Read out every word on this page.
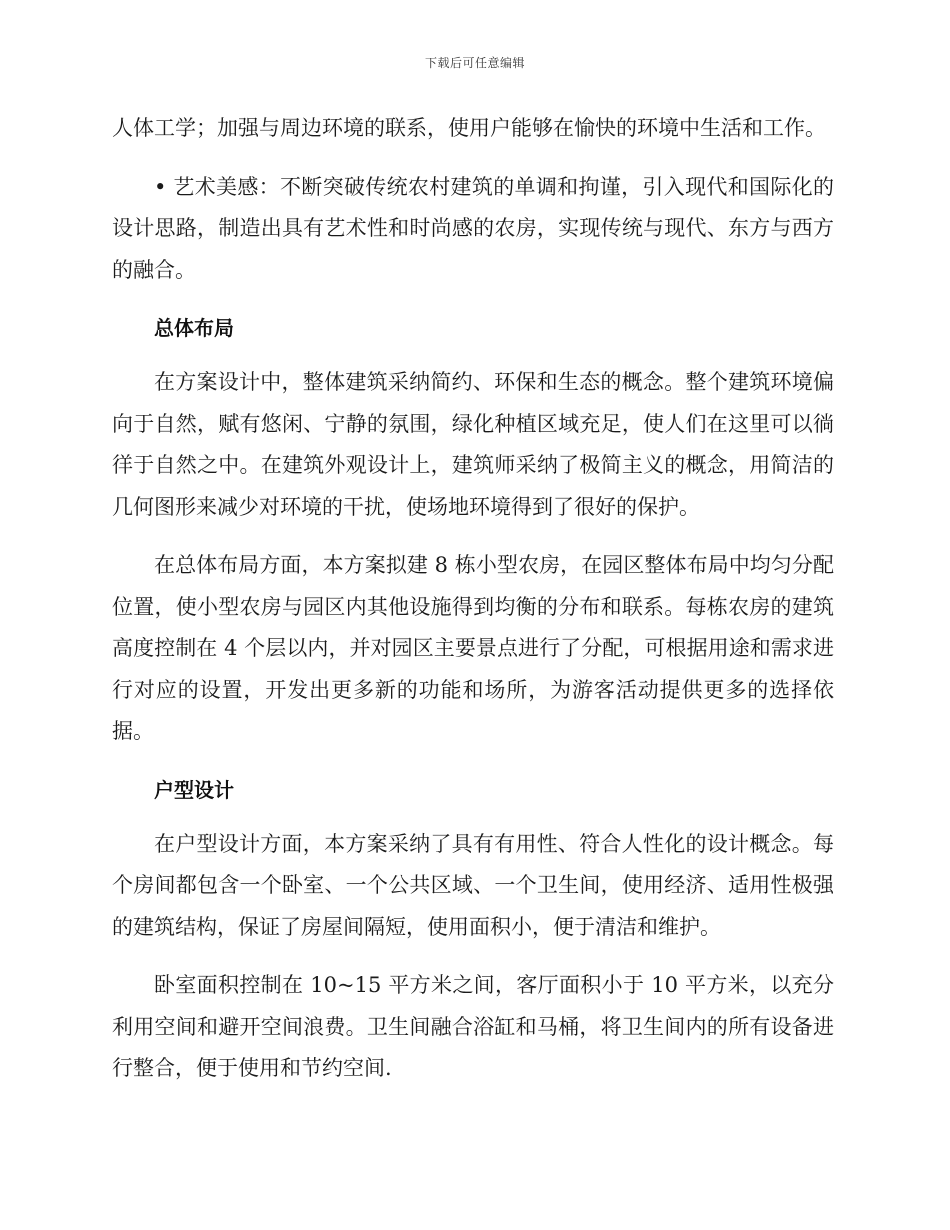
下载后可任意编辑

人体工学；加强与周边环境的联系，使用户能够在愉快的环境中生活和工作。

• 艺术美感：不断突破传统农村建筑的单调和拘谨，引入现代和国际化的设计思路，制造出具有艺术性和时尚感的农房，实现传统与现代、东方与西方的融合。

总体布局

在方案设计中，整体建筑采纳简约、环保和生态的概念。整个建筑环境偏向于自然，赋有悠闲、宁静的氛围，绿化种植区域充足，使人们在这里可以徜徉于自然之中。在建筑外观设计上，建筑师采纳了极简主义的概念，用简洁的几何图形来减少对环境的干扰，使场地环境得到了很好的保护。

在总体布局方面，本方案拟建 8 栋小型农房，在园区整体布局中均匀分配位置，使小型农房与园区内其他设施得到均衡的分布和联系。每栋农房的建筑高度控制在 4 个层以内，并对园区主要景点进行了分配，可根据用途和需求进行对应的设置，开发出更多新的功能和场所，为游客活动提供更多的选择依据。

户型设计

在户型设计方面，本方案采纳了具有有用性、符合人性化的设计概念。每个房间都包含一个卧室、一个公共区域、一个卫生间，使用经济、适用性极强的建筑结构，保证了房屋间隔短，使用面积小，便于清洁和维护。

卧室面积控制在 10~15 平方米之间，客厅面积小于 10 平方米，以充分利用空间和避开空间浪费。卫生间融合浴缸和马桶，将卫生间内的所有设备进行整合，便于使用和节约空间.
